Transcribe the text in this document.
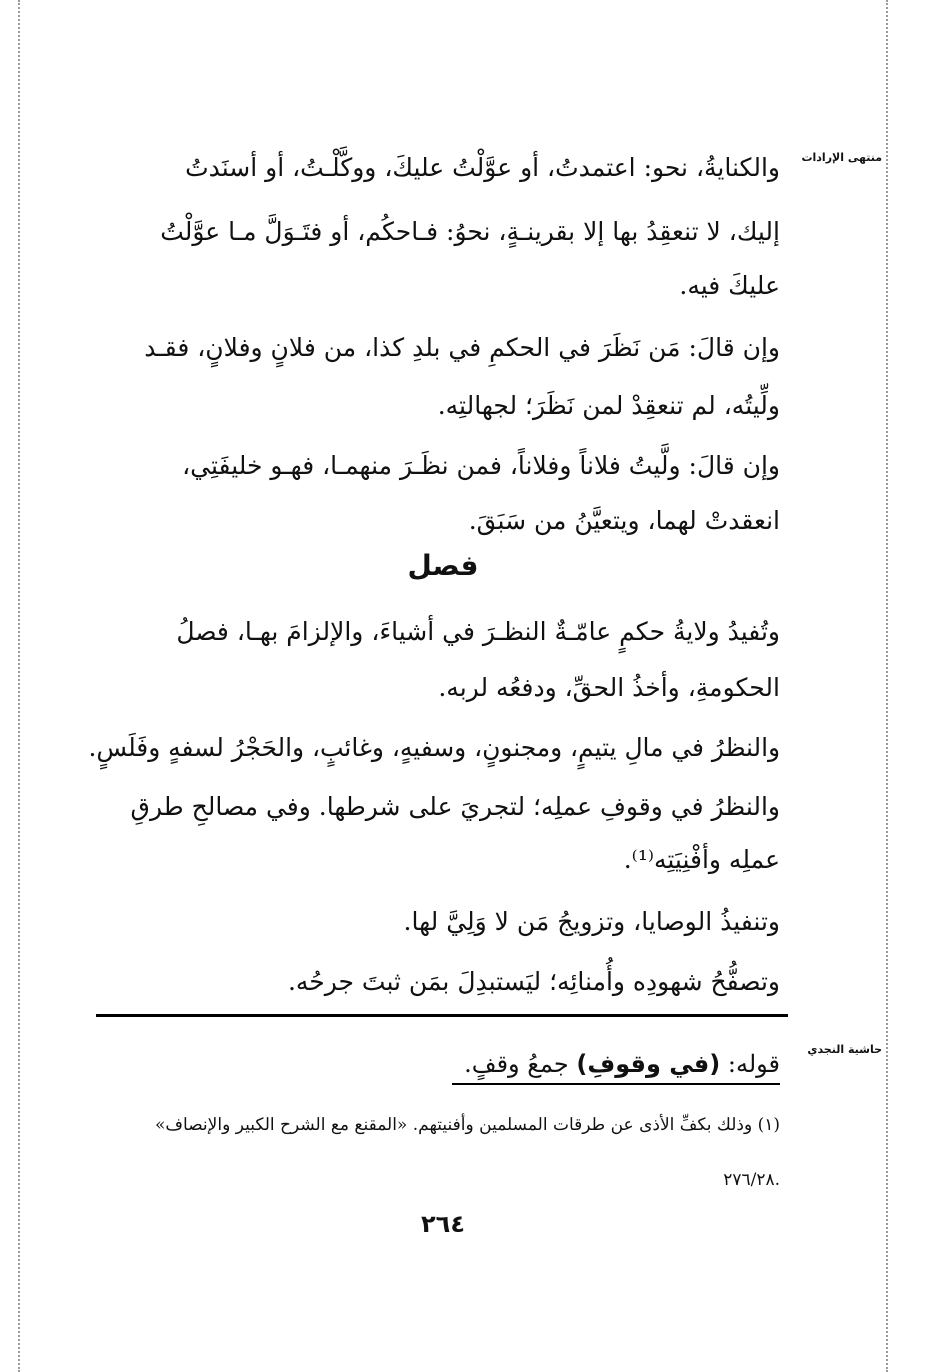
منتهى الإرادات
والكنايةُ، نحو: اعتمدتُ، أو عوَّلْتُ عليكَ، ووكَّلْـتُ، أو أسنَدتُ
إليك، لا تنعقِدُ بها إلا بقرينـةٍ، نحوُ: فـاحكُم، أو فتَـوَلَّ مـا عوَّلْتُ
عليكَ فيه.
وإن قالَ: مَن نَظَرَ في الحكمِ في بلدِ كذا، من فلانٍ وفلانٍ، فقـد
ولِّيتُه، لم تنعقِدْ لمن نَظَرَ؛ لجهالتِه.
وإن قالَ: ولَّيتُ فلاناً وفلاناً، فمن نظَـرَ منهمـا، فهـو خليفَتِي،
انعقدتْ لهما، ويتعيَّنُ من سَبَقَ.
فصل
وتُفيدُ ولايةُ حكمٍ عامّـةٌ النظـرَ في أشياءَ، والإلزامَ بهـا، فصلُ
الحكومةِ، وأخذُ الحقِّ، ودفعُه لربه.
والنظرُ في مالِ يتيمٍ، ومجنونٍ، وسفيهٍ، وغائبٍ، والحَجْرُ لسفهٍ وفَلَسٍ.
والنظرُ في وقوفِ عملِه؛ لتجريَ على شرطها. وفي مصالحِ طرقِ
عملِه وأفْنِيَتِه⁽¹⁾.
وتنفيذُ الوصايا، وتزويجُ مَن لا وَلِيَّ لها.
وتصفُّحُ شهودِه وأُمنائِه؛ ليَستبدِلَ بمَن ثبتَ جرحُه.
حاشية النجدي
قوله: (في وقوفِ) جمعُ وقفٍ.
(١) وذلك بكفِّ الأذى عن طرقات المسلمين وأفنيتهم. «المقنع مع الشرح الكبير والإنصاف»
.٢٧٦/٢٨
٢٦٤
